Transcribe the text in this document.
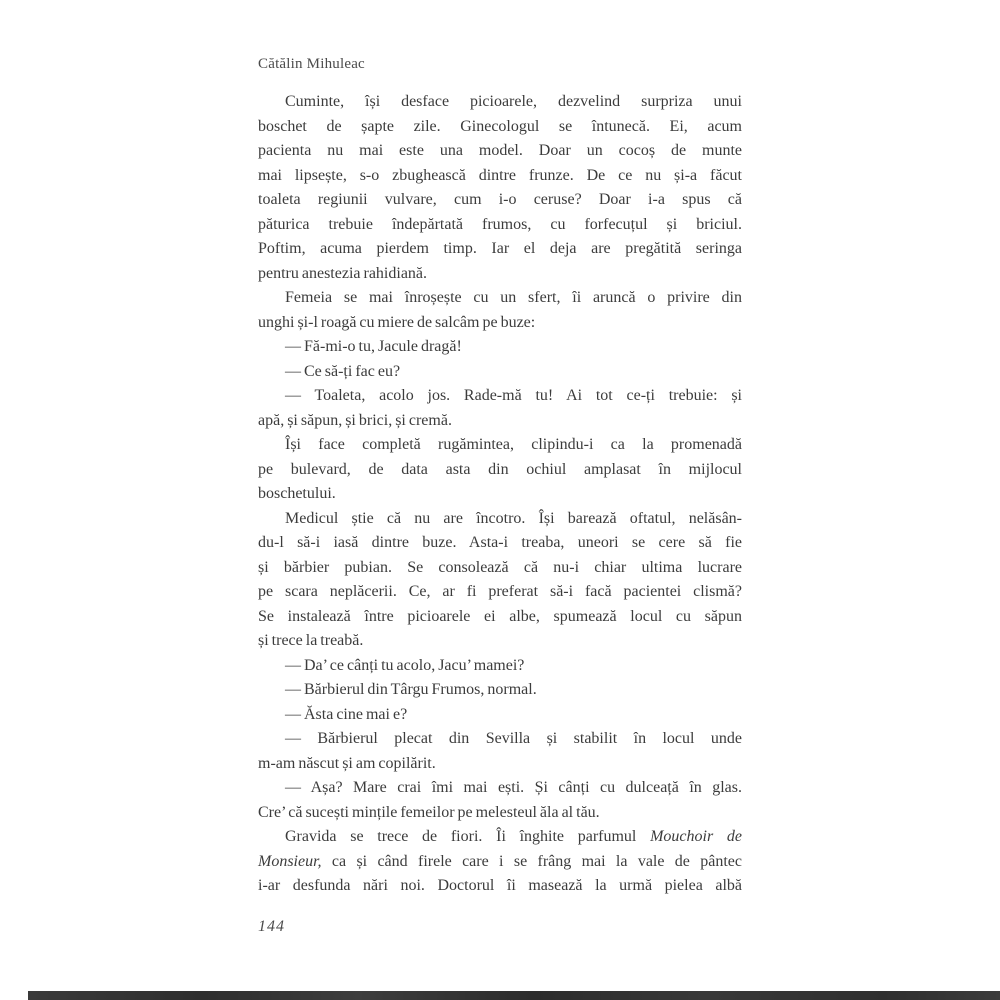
Cătălin Mihuleac
Cuminte, își desface picioarele, dezvelind surpriza unui
boschet de șapte zile. Ginecologul se întunecă. Ei, acum
pacienta nu mai este una model. Doar un cocoș de munte
mai lipsește, s-o zbughească dintre frunze. De ce nu și-a făcut
toaleta regiunii vulvare, cum i-o ceruse? Doar i-a spus că
păturica trebuie îndepărtată frumos, cu forfecuțul și briciul.
Poftim, acuma pierdem timp. Iar el deja are pregătită seringa
pentru anestezia rahidiană.
Femeia se mai înroșește cu un sfert, îi aruncă o privire din
unghi și-l roagă cu miere de salcâm pe buze:
— Fă-mi-o tu, Jacule dragă!
— Ce să-ți fac eu?
— Toaleta, acolo jos. Rade-mă tu! Ai tot ce-ți trebuie: și
apă, și săpun, și brici, și cremă.
Își face completă rugămintea, clipindu-i ca la promenadă
pe bulevard, de data asta din ochiul amplasat în mijlocul
boschetului.
Medicul știe că nu are încotro. Își barează oftatul, nelăsân-
du-l să-i iasă dintre buze. Asta-i treaba, uneori se cere să fie
și bărbier pubian. Se consolează că nu-i chiar ultima lucrare
pe scara neplăcerii. Ce, ar fi preferat să-i facă pacientei clismă?
Se instalează între picioarele ei albe, spumează locul cu săpun
și trece la treabă.
— Da’ ce cânți tu acolo, Jacu’ mamei?
— Bărbierul din Târgu Frumos, normal.
— Ăsta cine mai e?
— Bărbierul plecat din Sevilla și stabilit în locul unde
m-am născut și am copilărit.
— Așa? Mare crai îmi mai ești. Și cânți cu dulceață în glas.
Cre’ că sucești mințile femeilor pe melesteul ăla al tău.
Gravida se trece de fiori. Îi înghite parfumul Mouchoir de
Monsieur, ca și când firele care i se frâng mai la vale de pântec
i-ar desfunda nări noi. Doctorul îi masează la urmă pielea albă
144
